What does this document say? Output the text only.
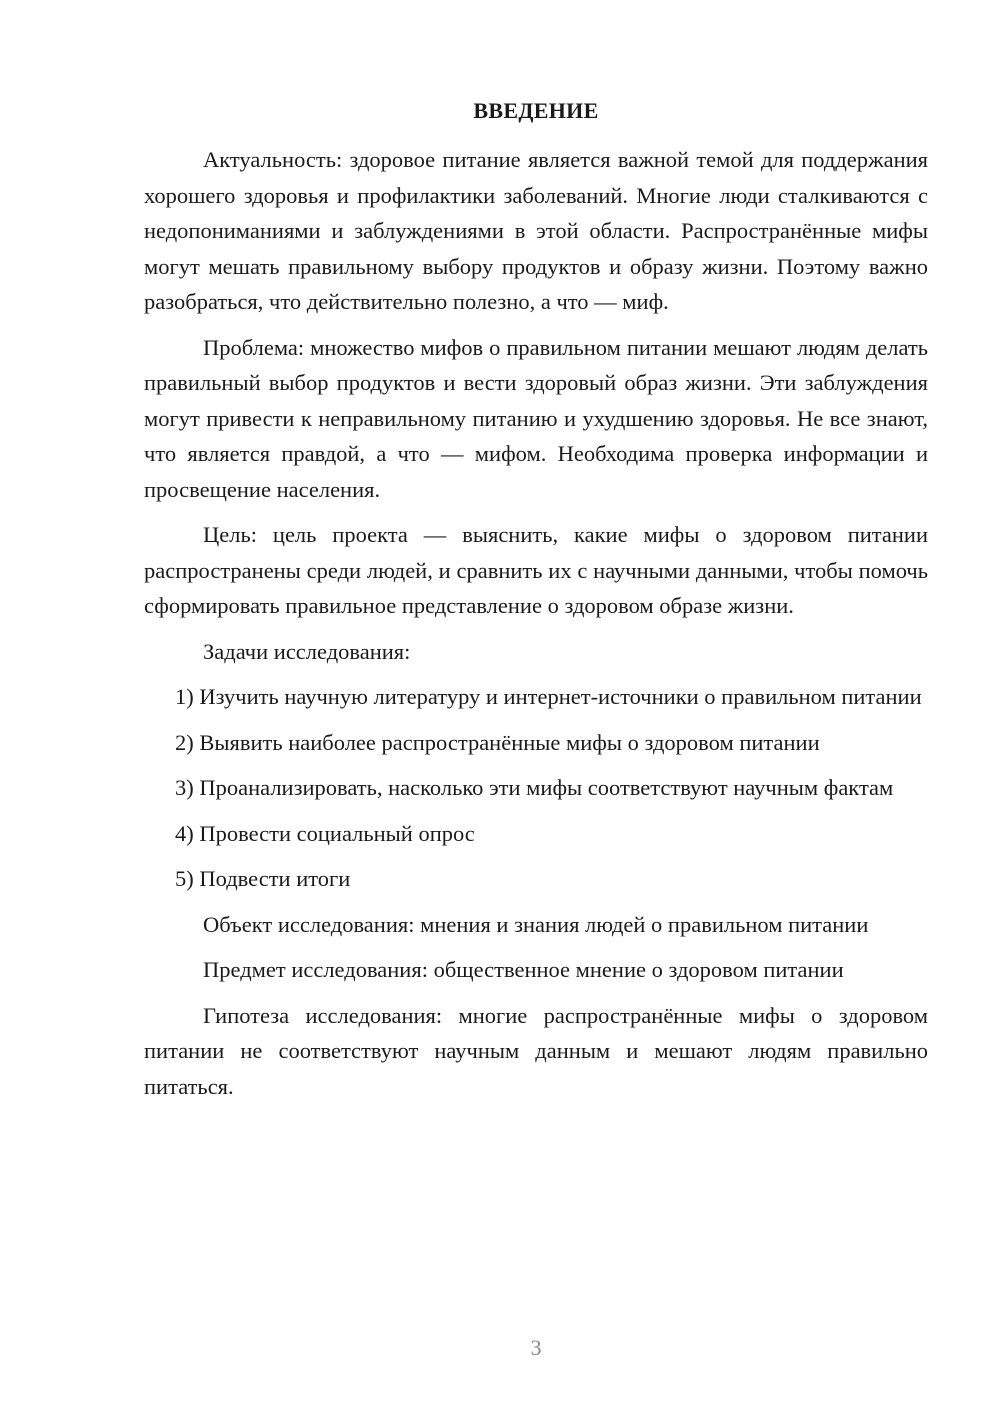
ВВЕДЕНИЕ

Актуальность: здоровое питание является важной темой для поддержания хорошего здоровья и профилактики заболеваний. Многие люди сталкиваются с недопониманиями и заблуждениями в этой области. Распространённые мифы могут мешать правильному выбору продуктов и образу жизни. Поэтому важно разобраться, что действительно полезно, а что — миф.

Проблема: множество мифов о правильном питании мешают людям делать правильный выбор продуктов и вести здоровый образ жизни. Эти заблуждения могут привести к неправильному питанию и ухудшению здоровья. Не все знают, что является правдой, а что — мифом. Необходима проверка информации и просвещение населения.

Цель: цель проекта — выяснить, какие мифы о здоровом питании распространены среди людей, и сравнить их с научными данными, чтобы помочь сформировать правильное представление о здоровом образе жизни.

Задачи исследования:

1) Изучить научную литературу и интернет-источники о правильном питании

2) Выявить наиболее распространённые мифы о здоровом питании

3) Проанализировать, насколько эти мифы соответствуют научным фактам

4) Провести социальный опрос

5) Подвести итоги

Объект исследования: мнения и знания людей о правильном питании

Предмет исследования: общественное мнение о здоровом питании

Гипотеза исследования: многие распространённые мифы о здоровом питании не соответствуют научным данным и мешают людям правильно питаться.

3
